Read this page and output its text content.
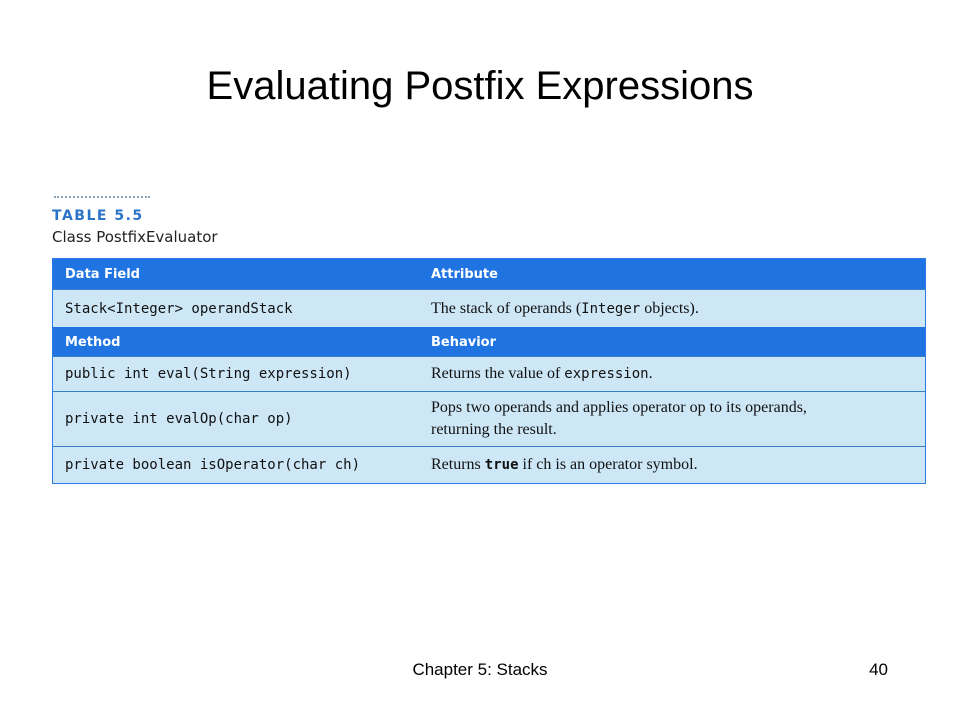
Evaluating Postfix Expressions
TABLE 5.5
Class PostfixEvaluator
Data Field	Attribute
Stack<Integer> operandStack	The stack of operands (Integer objects).
Method	Behavior
public int eval(String expression)	Returns the value of expression.
private int evalOp(char op)	Pops two operands and applies operator op to its operands,
returning the result.
private boolean isOperator(char ch)	Returns true if ch is an operator symbol.
Chapter 5: Stacks	40
